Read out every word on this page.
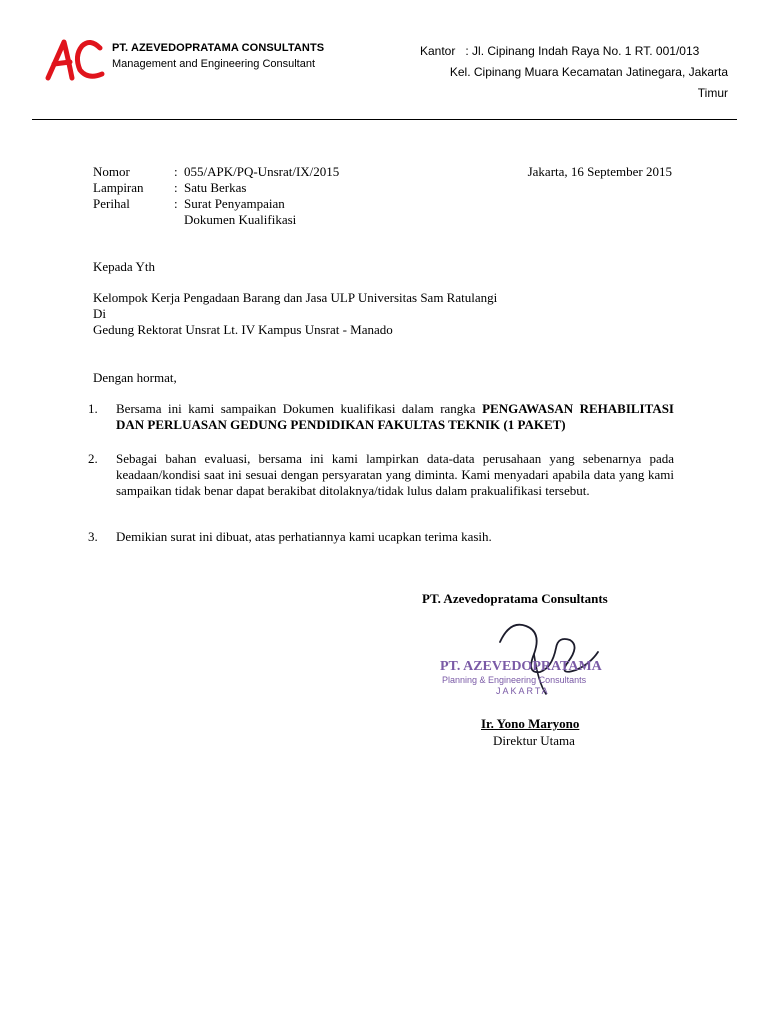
PT. AZEVEDOPRATAMA CONSULTANTS
Management and Engineering Consultant
Kantor : Jl. Cipinang Indah Raya No. 1 RT. 001/013
Kel. Cipinang Muara Kecamatan Jatinegara, Jakarta
Timur
Nomor	: 055/APK/PQ-Unsrat/IX/2015
Lampiran : Satu Berkas
Perihal	: Surat Penyampaian
Dokumen Kualifikasi
Jakarta, 16 September 2015
Kepada Yth
Kelompok Kerja Pengadaan Barang dan Jasa ULP Universitas Sam Ratulangi
Di
Gedung Rektorat Unsrat Lt. IV Kampus Unsrat - Manado
Dengan hormat,
1. Bersama ini kami sampaikan Dokumen kualifikasi dalam rangka PENGAWASAN REHABILITASI DAN PERLUASAN GEDUNG PENDIDIKAN FAKULTAS TEKNIK (1 PAKET)
2. Sebagai bahan evaluasi, bersama ini kami lampirkan data-data perusahaan yang sebenarnya pada keadaan/kondisi saat ini sesuai dengan persyaratan yang diminta. Kami menyadari apabila data yang kami sampaikan tidak benar dapat berakibat ditolaknya/tidak lulus dalam prakualifikasi tersebut.
3. Demikian surat ini dibuat, atas perhatiannya kami ucapkan terima kasih.
PT. Azevedopratama Consultants
PT. AZEVEDOPRATAMA
Planning & Engineering Consultants
JAKARTA
Ir. Yono Maryono
Direktur Utama
